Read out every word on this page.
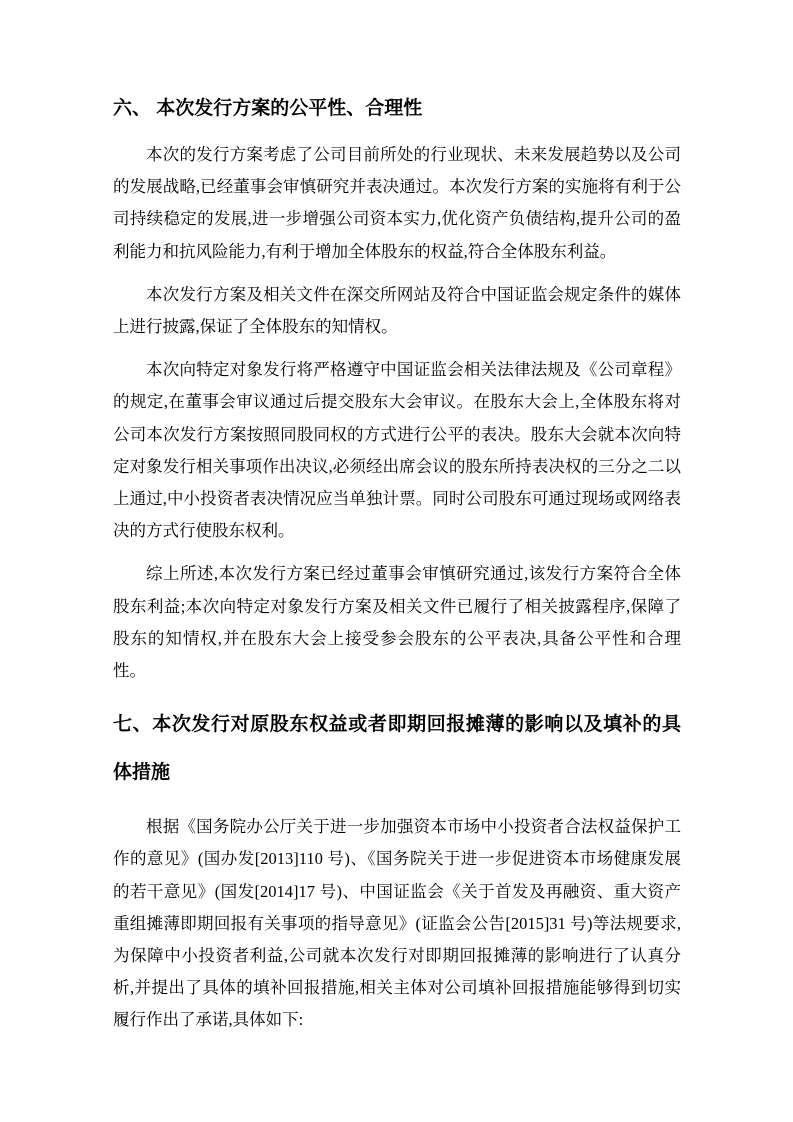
六、 本次发行方案的公平性、合理性

本次的发行方案考虑了公司目前所处的行业现状、未来发展趋势以及公司的发展战略,已经董事会审慎研究并表决通过。本次发行方案的实施将有利于公司持续稳定的发展,进一步增强公司资本实力,优化资产负债结构,提升公司的盈利能力和抗风险能力,有利于增加全体股东的权益,符合全体股东利益。

本次发行方案及相关文件在深交所网站及符合中国证监会规定条件的媒体上进行披露,保证了全体股东的知情权。

本次向特定对象发行将严格遵守中国证监会相关法律法规及《公司章程》的规定,在董事会审议通过后提交股东大会审议。在股东大会上,全体股东将对公司本次发行方案按照同股同权的方式进行公平的表决。股东大会就本次向特定对象发行相关事项作出决议,必须经出席会议的股东所持表决权的三分之二以上通过,中小投资者表决情况应当单独计票。同时公司股东可通过现场或网络表决的方式行使股东权利。

综上所述,本次发行方案已经过董事会审慎研究通过,该发行方案符合全体股东利益;本次向特定对象发行方案及相关文件已履行了相关披露程序,保障了股东的知情权,并在股东大会上接受参会股东的公平表决,具备公平性和合理性。

七、本次发行对原股东权益或者即期回报摊薄的影响以及填补的具体措施

根据《国务院办公厅关于进一步加强资本市场中小投资者合法权益保护工作的意见》(国办发[2013]110 号)、《国务院关于进一步促进资本市场健康发展的若干意见》(国发[2014]17 号)、中国证监会《关于首发及再融资、重大资产重组摊薄即期回报有关事项的指导意见》(证监会公告[2015]31 号)等法规要求,为保障中小投资者利益,公司就本次发行对即期回报摊薄的影响进行了认真分析,并提出了具体的填补回报措施,相关主体对公司填补回报措施能够得到切实履行作出了承诺,具体如下:
